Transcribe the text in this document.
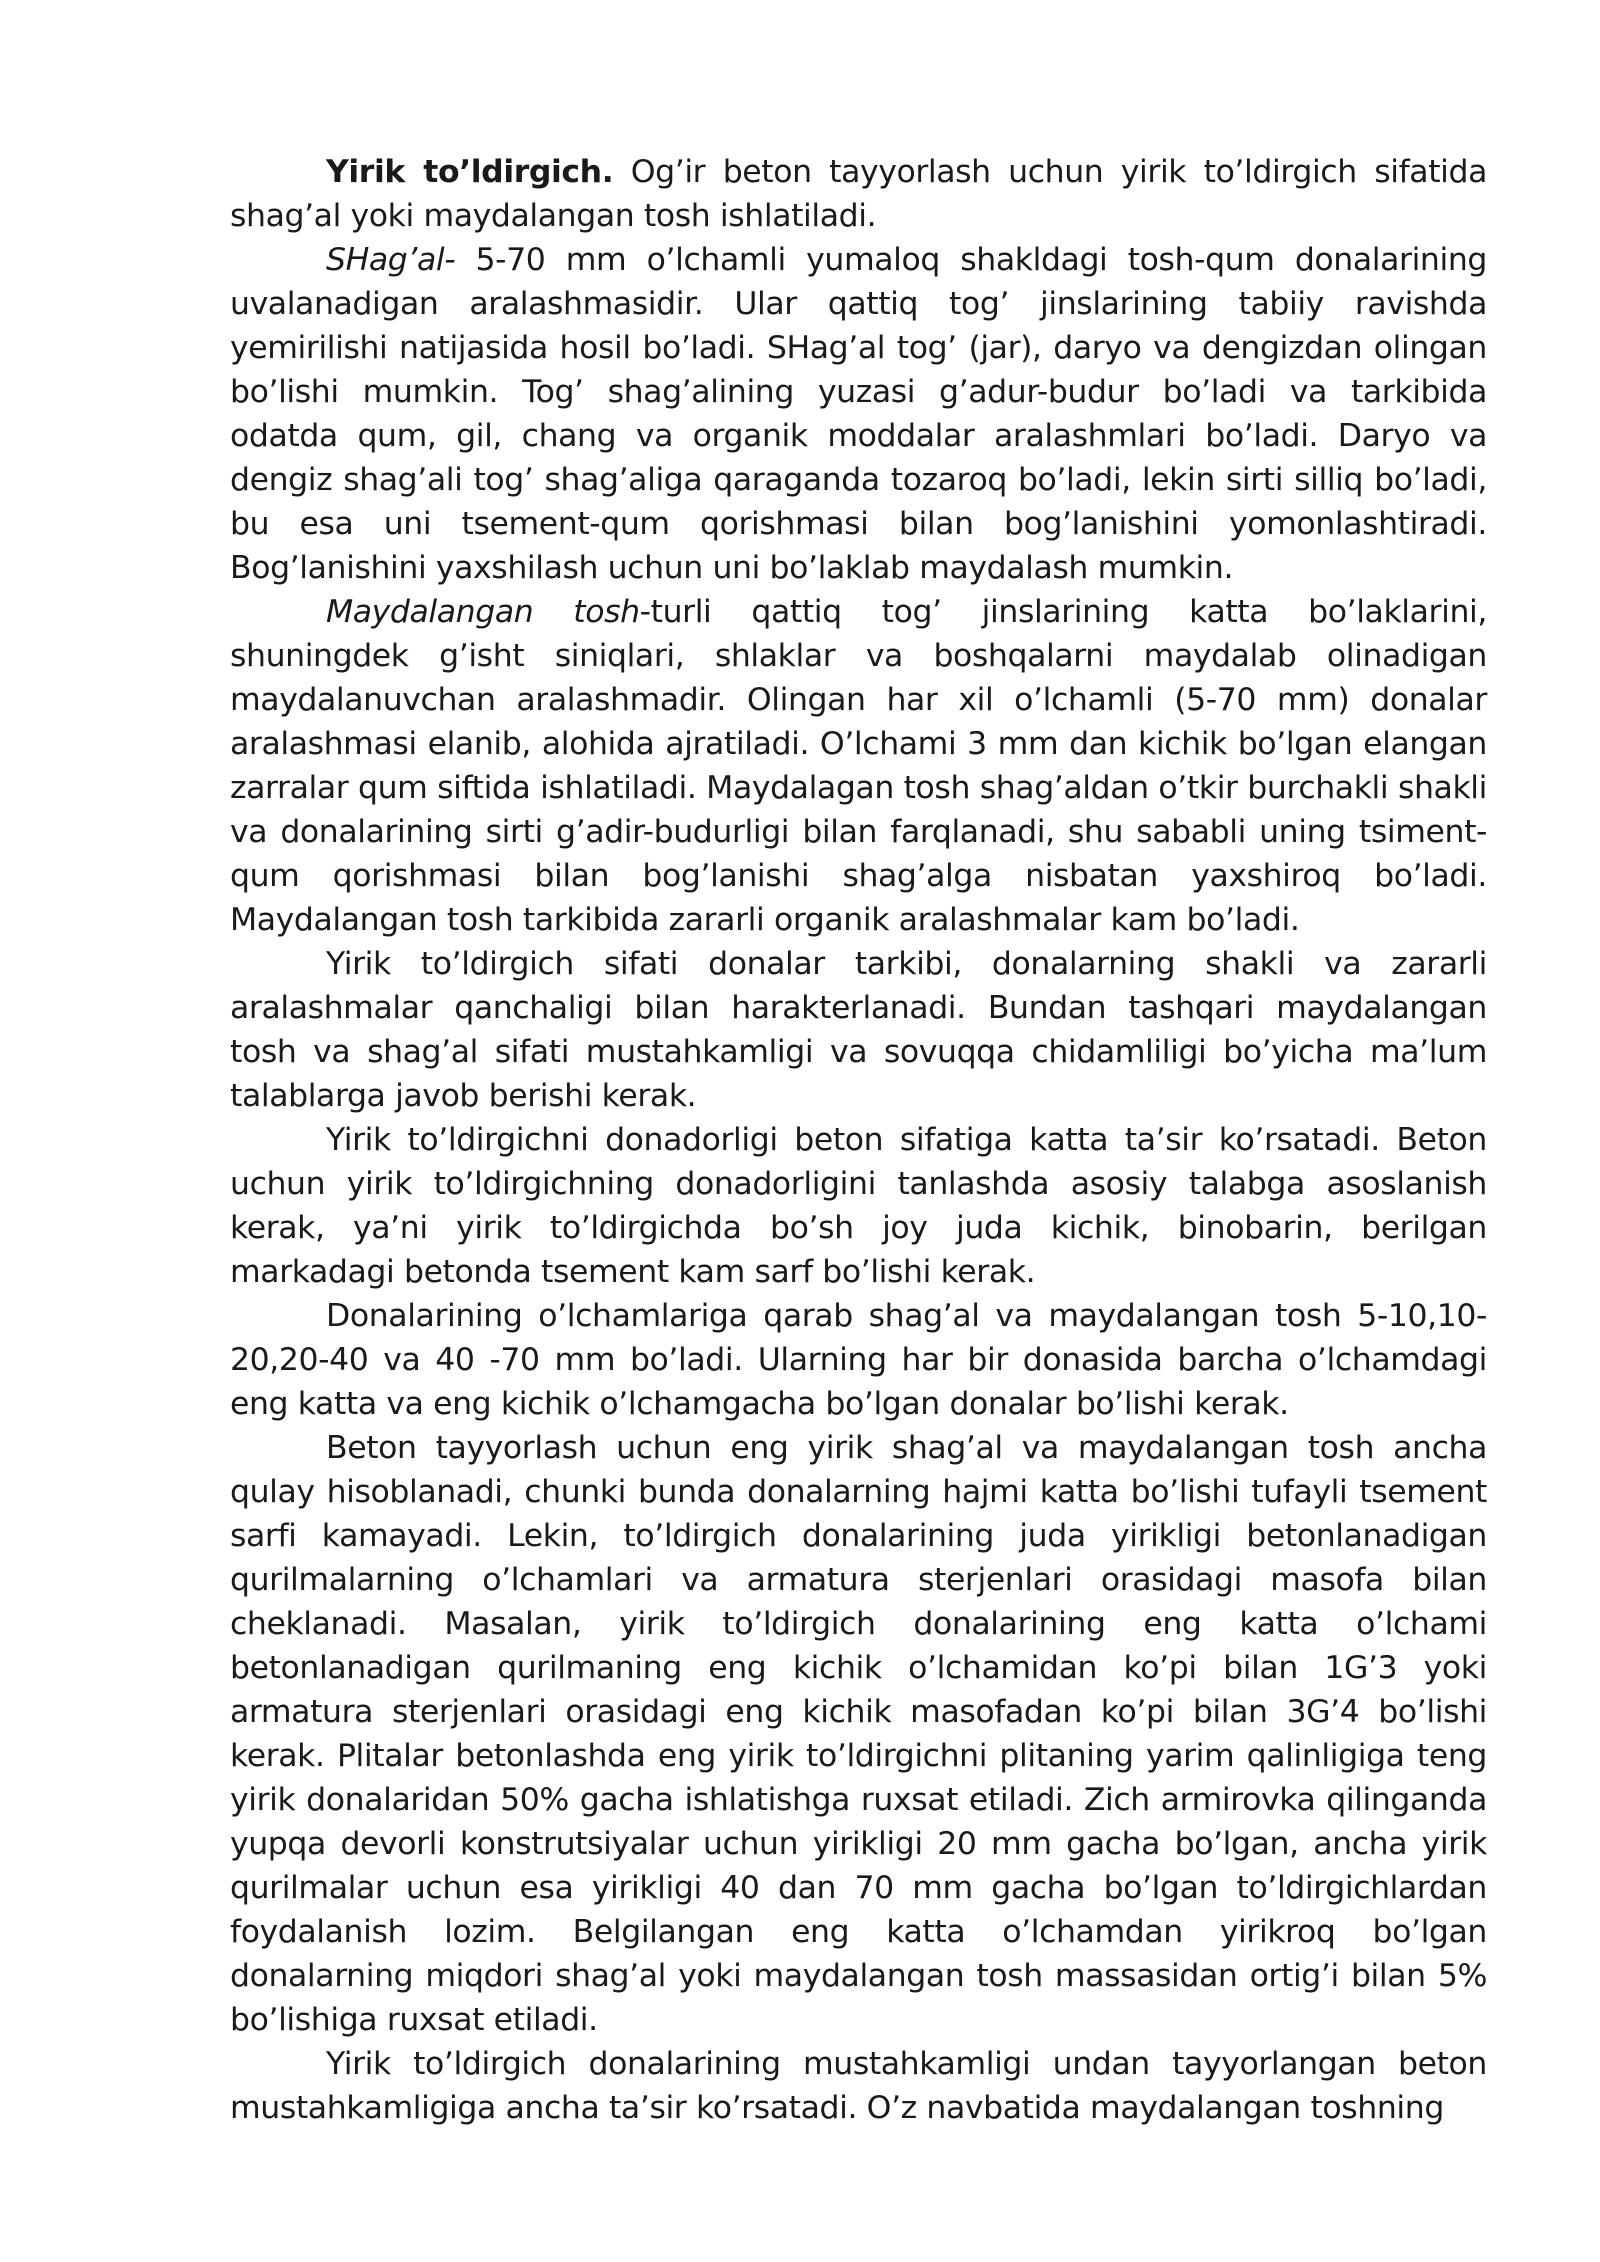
Yirik to’ldirgich. Og’ir beton tayyorlash uchun yirik to’ldirgich sifatida shag’al yoki maydalangan tosh ishlatiladi.

SHag’al- 5-70 mm o’lchamli yumaloq shakldagi tosh-qum donalarining uvalanadigan aralashmasidir. Ular qattiq tog’ jinslarining tabiiy ravishda yemirilishi natijasida hosil bo’ladi. SHag’al tog’ (jar), daryo va dengizdan olingan bo’lishi mumkin. Tog’ shag’alining yuzasi g’adur-budur bo’ladi va tarkibida odatda qum, gil, chang va organik moddalar aralashmlari bo’ladi. Daryo va dengiz shag’ali tog’ shag’aliga qaraganda tozaroq bo’ladi, lekin sirti silliq bo’ladi, bu esa uni tsement-qum qorishmasi bilan bog’lanishini yomonlashtiradi. Bog’lanishini yaxshilash uchun uni bo’laklab maydalash mumkin.

Maydalangan tosh-turli qattiq tog’ jinslarining katta bo’laklarini, shuningdek g’isht siniqlari, shlaklar va boshqalarni maydalab olinadigan maydalanuvchan aralashmadir. Olingan har xil o’lchamli (5-70 mm) donalar aralashmasi elanib, alohida ajratiladi. O’lchami 3 mm dan kichik bo’lgan elangan zarralar qum siftida ishlatiladi. Maydalagan tosh shag’aldan o’tkir burchakli shakli va donalarining sirti g’adir-budurligi bilan farqlanadi, shu sababli uning tsiment-qum qorishmasi bilan bog’lanishi shag’alga nisbatan yaxshiroq bo’ladi. Maydalangan tosh tarkibida zararli organik aralashmalar kam bo’ladi.

Yirik to’ldirgich sifati donalar tarkibi, donalarning shakli va zararli aralashmalar qanchaligi bilan harakterlanadi. Bundan tashqari maydalangan tosh va shag’al sifati mustahkamligi va sovuqqa chidamliligi bo’yicha ma’lum talablarga javob berishi kerak.

Yirik to’ldirgichni donadorligi beton sifatiga katta ta’sir ko’rsatadi. Beton uchun yirik to’ldirgichning donadorligini tanlashda asosiy talabga asoslanish kerak, ya’ni yirik to’ldirgichda bo’sh joy juda kichik, binobarin, berilgan markadagi betonda tsement kam sarf bo’lishi kerak.

Donalarining o’lchamlariga qarab shag’al va maydalangan tosh 5-10,10-20,20-40 va 40 -70 mm bo’ladi. Ularning har bir donasida barcha o’lchamdagi eng katta va eng kichik o’lchamgacha bo’lgan donalar bo’lishi kerak.

Beton tayyorlash uchun eng yirik shag’al va maydalangan tosh ancha qulay hisoblanadi, chunki bunda donalarning hajmi katta bo’lishi tufayli tsement sarfi kamayadi. Lekin, to’ldirgich donalarining juda yirikligi betonlanadigan qurilmalarning o’lchamlari va armatura sterjenlari orasidagi masofa bilan cheklanadi. Masalan, yirik to’ldirgich donalarining eng katta o’lchami betonlanadigan qurilmaning eng kichik o’lchamidan ko’pi bilan 1G’3 yoki armatura sterjenlari orasidagi eng kichik masofadan ko’pi bilan 3G’4 bo’lishi kerak. Plitalar betonlashda eng yirik to’ldirgichni plitaning yarim qalinligiga teng yirik donalaridan 50% gacha ishlatishga ruxsat etiladi. Zich armirovka qilinganda yupqa devorli konstrutsiyalar uchun yirikligi 20 mm gacha bo’lgan, ancha yirik qurilmalar uchun esa yirikligi 40 dan 70 mm gacha bo’lgan to’ldirgichlardan foydalanish lozim. Belgilangan eng katta o’lchamdan yirikroq bo’lgan donalarning miqdori shag’al yoki maydalangan tosh massasidan ortig’i bilan 5% bo’lishiga ruxsat etiladi.

Yirik to’ldirgich donalarining mustahkamligi undan tayyorlangan beton mustahkamligiga ancha ta’sir ko’rsatadi. O’z navbatida maydalangan toshning
